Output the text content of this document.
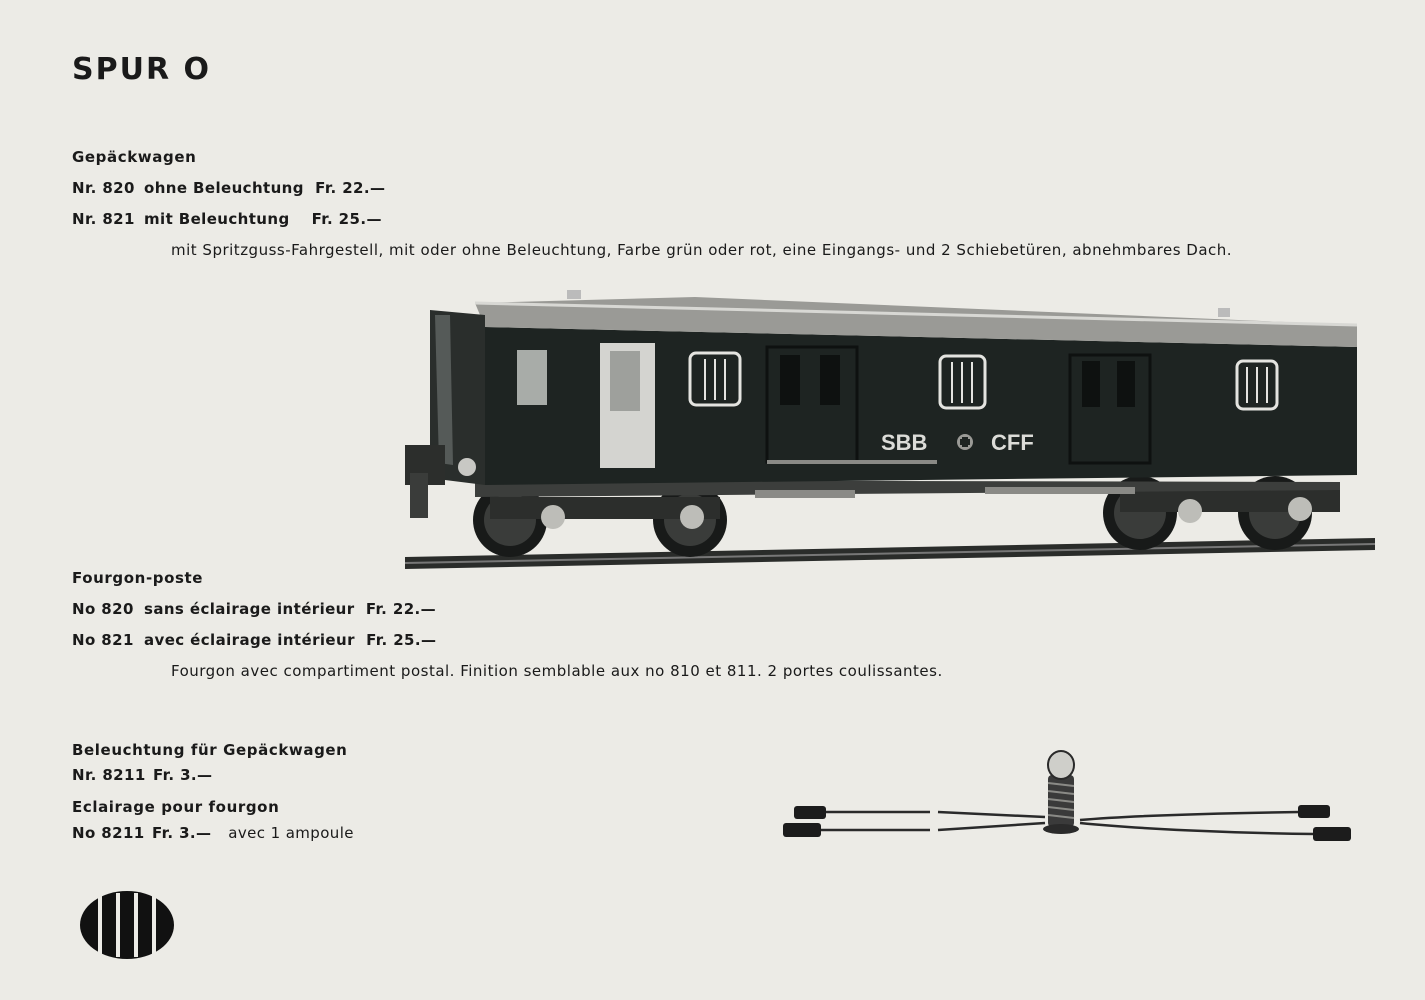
SPUR O
Gepäckwagen
Nr. 820 ohne Beleuchtung Fr. 22.—
Nr. 821 mit Beleuchtung Fr. 25.—
mit Spritzguss-Fahrgestell, mit oder ohne Beleuchtung, Farbe grün oder rot, eine Eingangs- und 2 Schiebetüren, abnehmbares Dach.
SBB	CFF
Fourgon-poste
No 820 sans éclairage intérieur Fr. 22.—
No 821 avec éclairage intérieur Fr. 25.—
Fourgon avec compartiment postal. Finition semblable aux no 810 et 811. 2 portes coulissantes.
Beleuchtung für Gepäckwagen
Nr. 8211 Fr. 3.—
Eclairage pour fourgon
No 8211 Fr. 3.— avec 1 ampoule
